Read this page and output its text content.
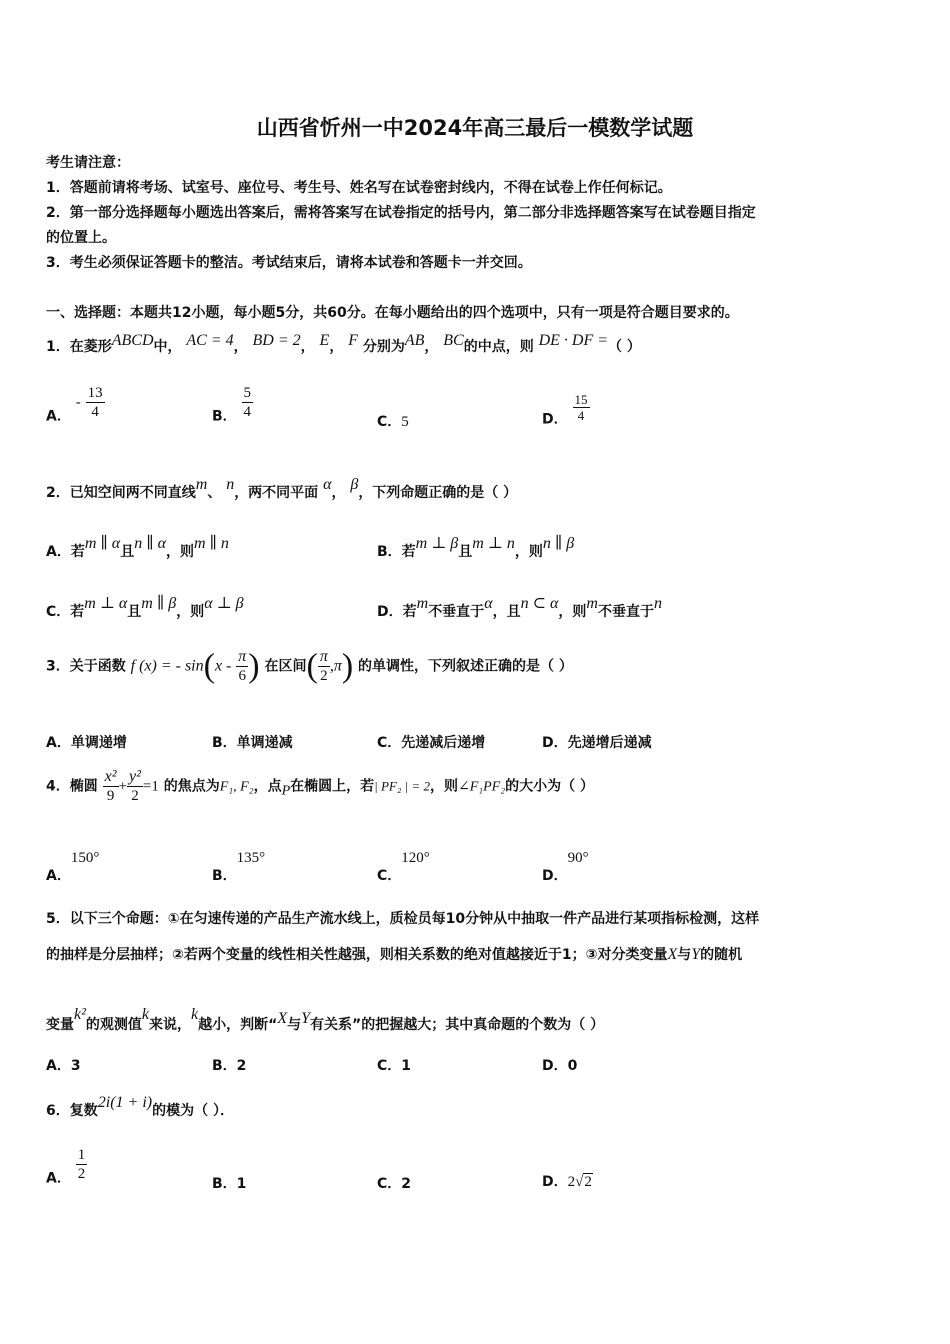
山西省忻州一中2024年高三最后一模数学试题
考生请注意：
1．答题前请将考场、试室号、座位号、考生号、姓名写在试卷密封线内，不得在试卷上作任何标记。
2．第一部分选择题每小题选出答案后，需将答案写在试卷指定的括号内，第二部分非选择题答案写在试卷题目指定
的位置上。
3．考生必须保证答题卡的整洁。考试结束后，请将本试卷和答题卡一并交回。
一、选择题：本题共12小题，每小题5分，共60分。在每小题给出的四个选项中，只有一项是符合题目要求的。
1．在菱形ABCD中， AC = 4， BD = 2， E， F 分别为AB， BC的中点，则 DE · DF =（ ）
A． - $\frac{13}{4}$	B． $\frac{5}{4}$
C．5	D． $\frac{15}{4}$
2．已知空间两不同直线m、 n，两不同平面 α， β，下列命题正确的是（ ）
A．若m ∥ α且n ∥ α，则m ∥ n	B．若m ⊥ β且m ⊥ n，则n ∥ β
C．若m ⊥ α且m ∥ β，则α ⊥ β	D．若m不垂直于α，且n ⊂ α，则m不垂直于n
3．关于函数 f (x) = - $\sin(x - \frac{\pi}{6}$ ) 在区间( $\frac{\pi}{2} ,\pi$) 的单调性，下列叙述正确的是（ ）
A．单调递增	B．单调递减	C．先递减后递增	D．先递增后递减
4．椭圆 $\frac{\text{x²}}{9} + \frac{\text{y²}}{2} =1$ 的焦点为F₁, F₂，点P在椭圆上，若| PF₂ | = 2，则∠F₁PF₂的大小为（ ）
A．150°
B．135°
C．120°
D．90°
5．以下三个命题：①在匀速传递的产品生产流水线上，质检员每10分钟从中抽取一件产品进行某项指标检测，这样
的抽样是分层抽样；②若两个变量的线性相关性越强，则相关系数的绝对值越接近于1；③对分类变量X与Y的随机
变量k²的观测值k来说，k越小，判断“X与Y有关系”的把握越大；其中真命题的个数为（ ）
A．3	B．2	C．1	D．0
6．复数2i(1 + i)的模为（ ）．
A． $\frac{1}{2}$
B．1	C．2	D．2√2
